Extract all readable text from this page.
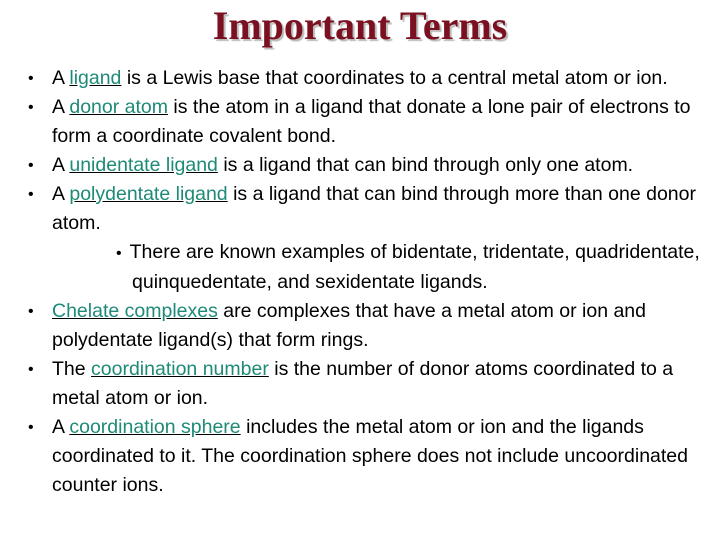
Important Terms
• A ligand is a Lewis base that coordinates to a central metal atom or ion.
• A donor atom is the atom in a ligand that donate a lone pair of electrons to form a coordinate covalent bond.
• A unidentate ligand is a ligand that can bind through only one atom.
• A polydentate ligand is a ligand that can bind through more than one donor atom.
• There are known examples of bidentate, tridentate, quadridentate, quinquedentate, and sexidentate ligands.
• Chelate complexes are complexes that have a metal atom or ion and polydentate ligand(s) that form rings.
• The coordination number is the number of donor atoms coordinated to a metal atom or ion.
• A coordination sphere includes the metal atom or ion and the ligands coordinated to it. The coordination sphere does not include uncoordinated counter ions.
